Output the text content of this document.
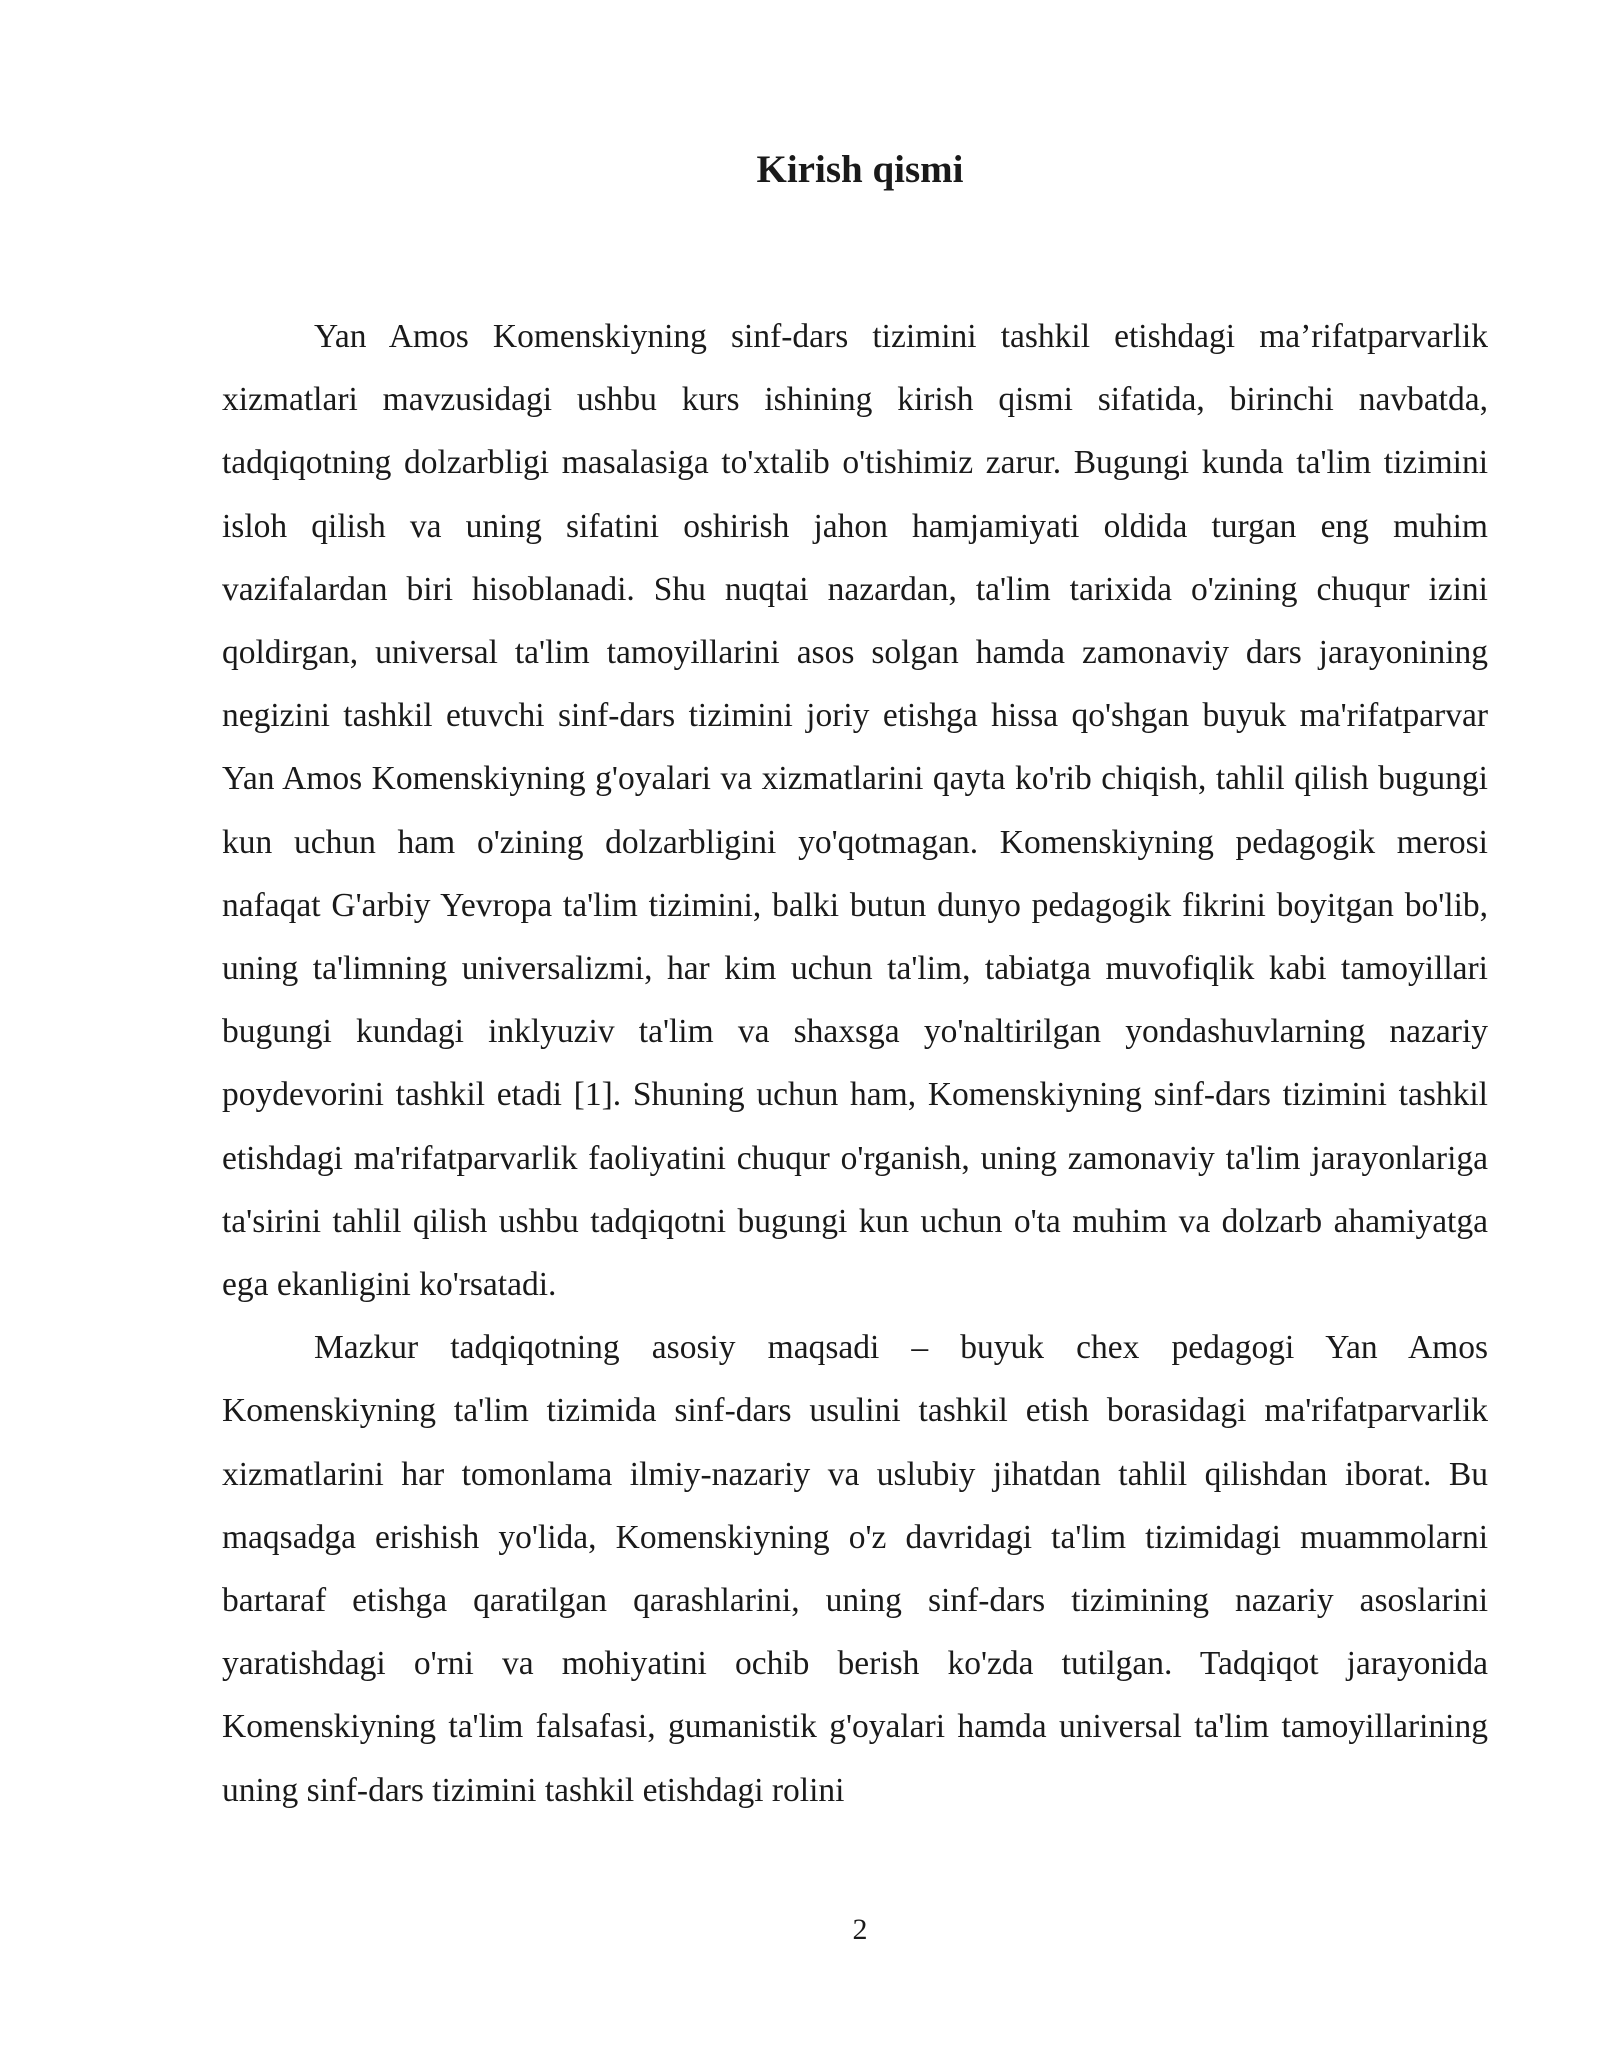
Kirish qismi

Yan Amos Komenskiyning sinf-dars tizimini tashkil etishdagi ma’rifatparvarlik xizmatlari mavzusidagi ushbu kurs ishining kirish qismi sifatida, birinchi navbatda, tadqiqotning dolzarbligi masalasiga to'xtalib o'tishimiz zarur. Bugungi kunda ta'lim tizimini isloh qilish va uning sifatini oshirish jahon hamjamiyati oldida turgan eng muhim vazifalardan biri hisoblanadi. Shu nuqtai nazardan, ta'lim tarixida o'zining chuqur izini qoldirgan, universal ta'lim tamoyillarini asos solgan hamda zamonaviy dars jarayonining negizini tashkil etuvchi sinf-dars tizimini joriy etishga hissa qo'shgan buyuk ma'rifatparvar Yan Amos Komenskiyning g'oyalari va xizmatlarini qayta ko'rib chiqish, tahlil qilish bugungi kun uchun ham o'zining dolzarbligini yo'qotmagan. Komenskiyning pedagogik merosi nafaqat G'arbiy Yevropa ta'lim tizimini, balki butun dunyo pedagogik fikrini boyitgan bo'lib, uning ta'limning universalizmi, har kim uchun ta'lim, tabiatga muvofiqlik kabi tamoyillari bugungi kundagi inklyuziv ta'lim va shaxsga yo'naltirilgan yondashuvlarning nazariy poydevorini tashkil etadi [1]. Shuning uchun ham, Komenskiyning sinf-dars tizimini tashkil etishdagi ma'rifatparvarlik faoliyatini chuqur o'rganish, uning zamonaviy ta'lim jarayonlariga ta'sirini tahlil qilish ushbu tadqiqotni bugungi kun uchun o'ta muhim va dolzarb ahamiyatga ega ekanligini ko'rsatadi.

Mazkur tadqiqotning asosiy maqsadi – buyuk chex pedagogi Yan Amos Komenskiyning ta'lim tizimida sinf-dars usulini tashkil etish borasidagi ma'rifatparvarlik xizmatlarini har tomonlama ilmiy-nazariy va uslubiy jihatdan tahlil qilishdan iborat. Bu maqsadga erishish yo'lida, Komenskiyning o'z davridagi ta'lim tizimidagi muammolarni bartaraf etishga qaratilgan qarashlarini, uning sinf-dars tizimining nazariy asoslarini yaratishdagi o'rni va mohiyatini ochib berish ko'zda tutilgan. Tadqiqot jarayonida Komenskiyning ta'lim falsafasi, gumanistik g'oyalari hamda universal ta'lim tamoyillarining uning sinf-dars tizimini tashkil etishdagi rolini

2
